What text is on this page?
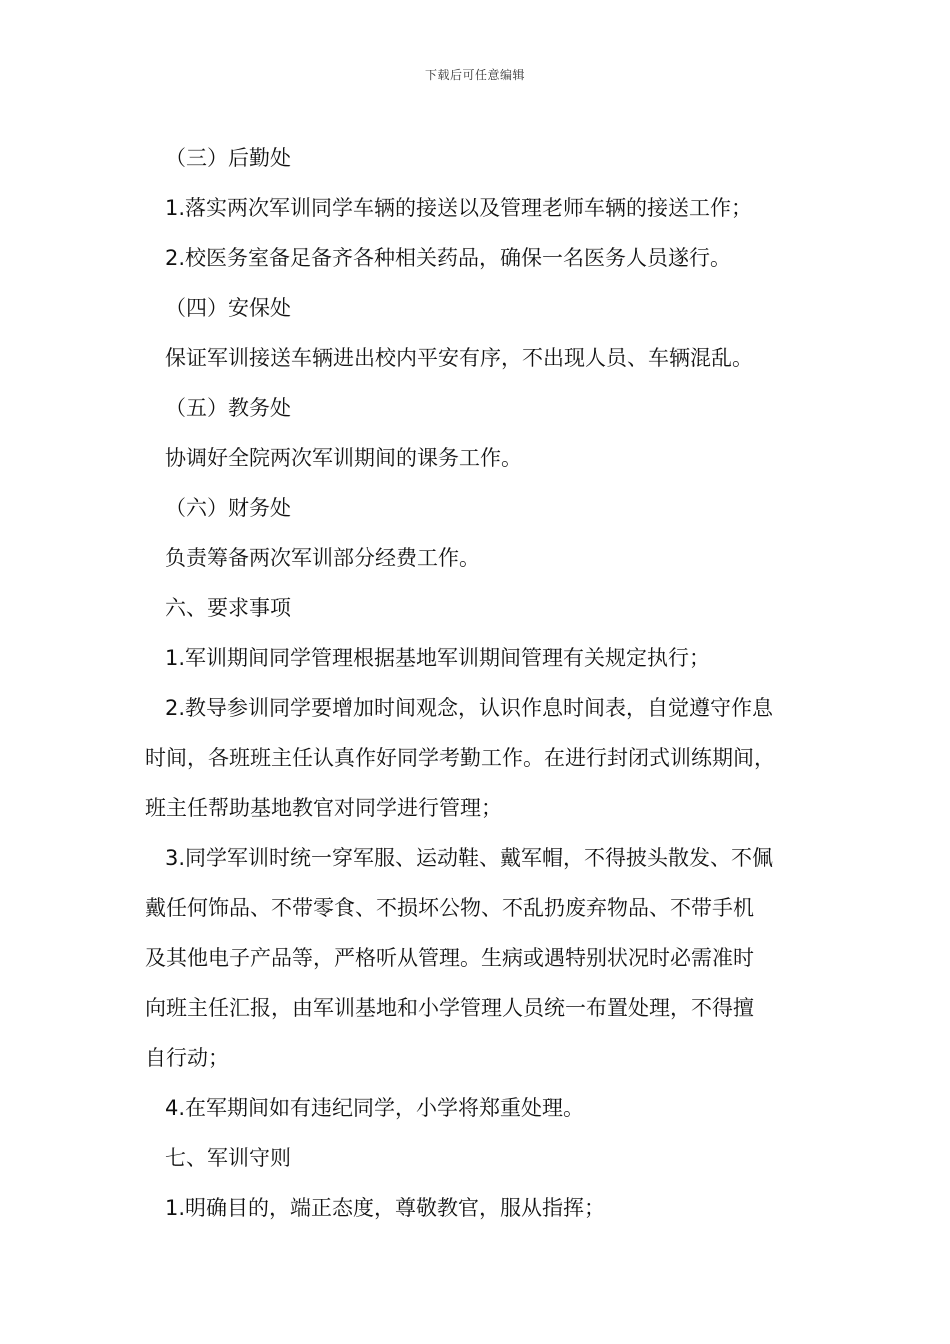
下载后可任意编辑

（三）后勤处

1.落实两次军训同学车辆的接送以及管理老师车辆的接送工作；

2.校医务室备足备齐各种相关药品，确保一名医务人员遂行。

（四）安保处

保证军训接送车辆进出校内平安有序，不出现人员、车辆混乱。

（五）教务处

协调好全院两次军训期间的课务工作。

（六）财务处

负责筹备两次军训部分经费工作。

六、要求事项

1.军训期间同学管理根据基地军训期间管理有关规定执行；

2.教导参训同学要增加时间观念，认识作息时间表，自觉遵守作息

时间，各班班主任认真作好同学考勤工作。在进行封闭式训练期间，

班主任帮助基地教官对同学进行管理；

3.同学军训时统一穿军服、运动鞋、戴军帽，不得披头散发、不佩

戴任何饰品、不带零食、不损坏公物、不乱扔废弃物品、不带手机

及其他电子产品等，严格听从管理。生病或遇特别状况时必需准时

向班主任汇报，由军训基地和小学管理人员统一布置处理，不得擅

自行动；

4.在军期间如有违纪同学，小学将郑重处理。

七、军训守则

1.明确目的，端正态度，尊敬教官，服从指挥；
